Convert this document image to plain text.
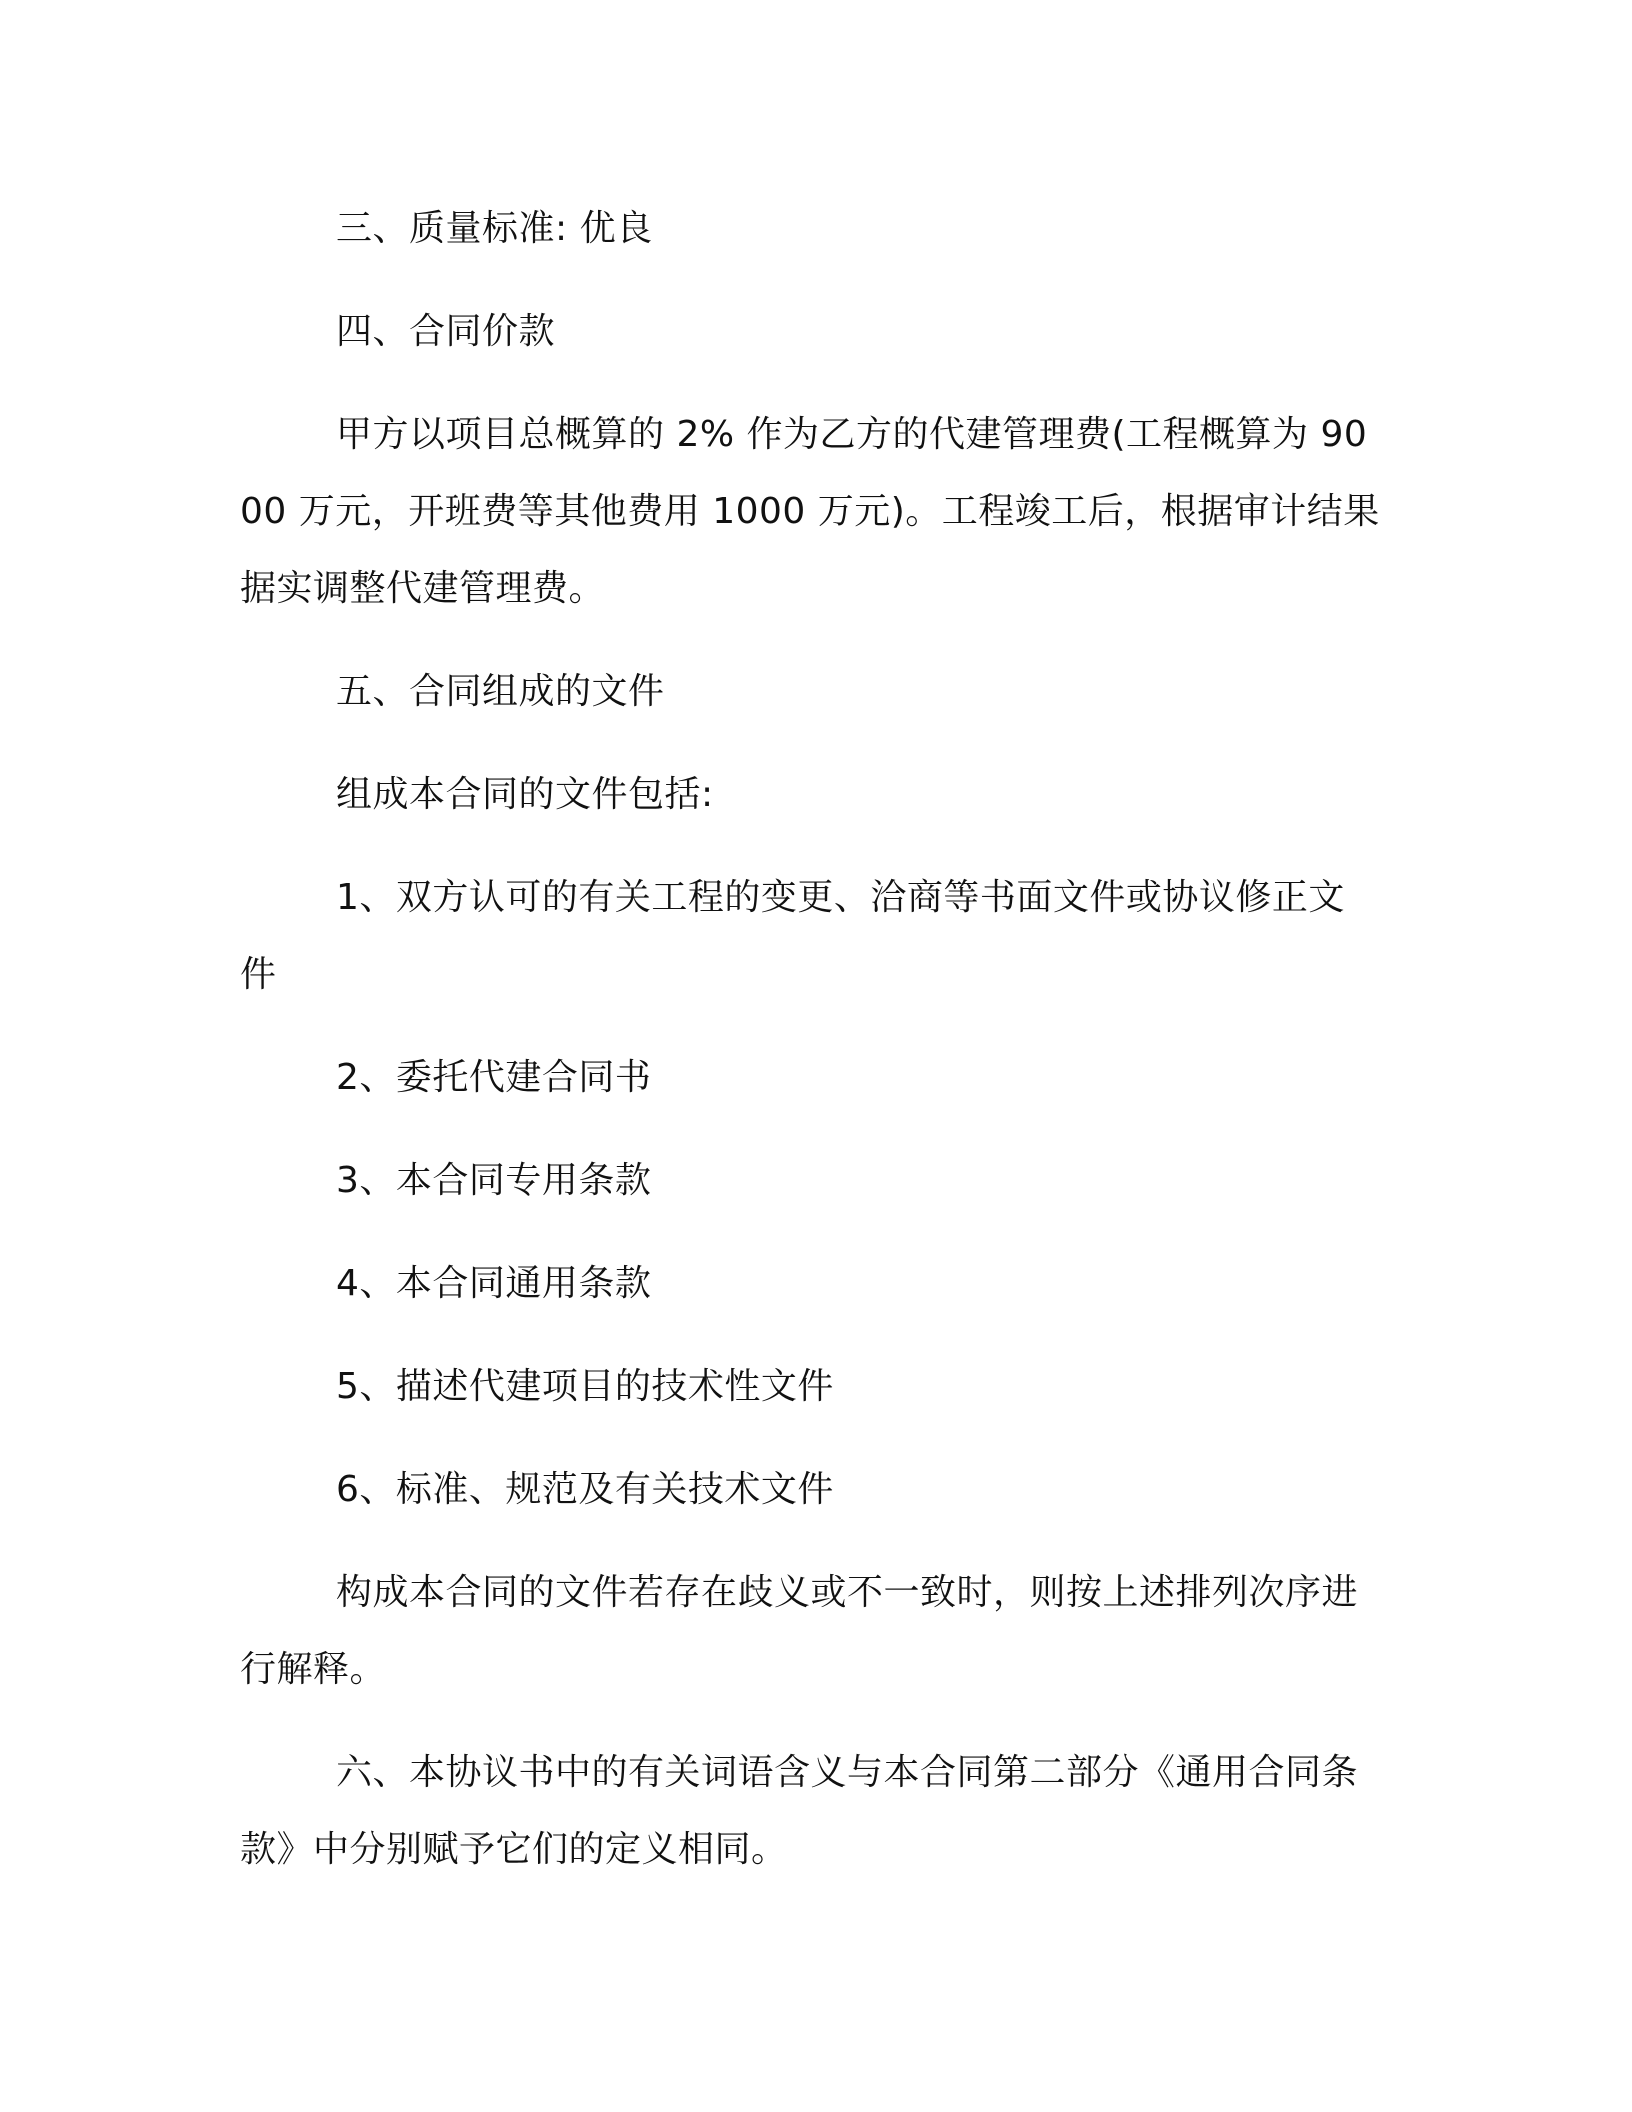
三、质量标准: 优良

四、合同价款

甲方以项目总概算的 2% 作为乙方的代建管理费(工程概算为 9000 万元，开班费等其他费用 1000 万元)。工程竣工后，根据审计结果据实调整代建管理费。

五、合同组成的文件

组成本合同的文件包括:

1、双方认可的有关工程的变更、洽商等书面文件或协议修正文件

2、委托代建合同书

3、本合同专用条款

4、本合同通用条款

5、描述代建项目的技术性文件

6、标准、规范及有关技术文件

构成本合同的文件若存在歧义或不一致时，则按上述排列次序进行解释。

六、本协议书中的有关词语含义与本合同第二部分《通用合同条款》中分别赋予它们的定义相同。
